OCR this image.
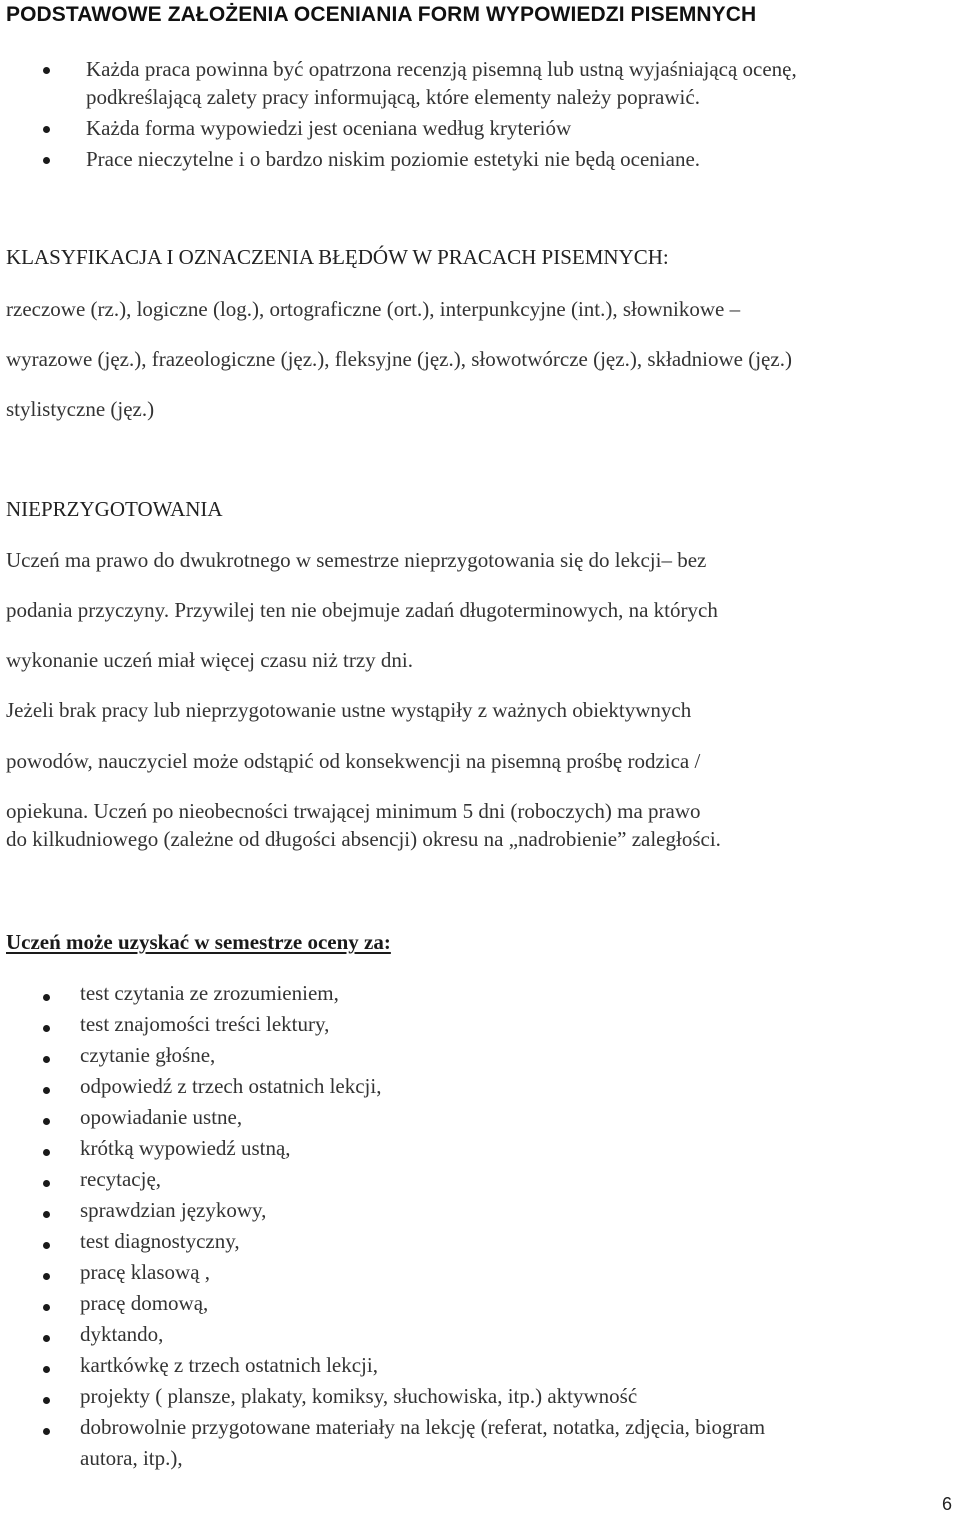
PODSTAWOWE ZAŁOŻENIA OCENIANIA FORM WYPOWIEDZI PISEMNYCH
Każda praca powinna być opatrzona recenzją pisemną lub ustną wyjaśniającą ocenę,
podkreślającą zalety pracy informującą, które elementy należy poprawić.
Każda forma wypowiedzi jest oceniana według kryteriów
Prace nieczytelne i o bardzo niskim poziomie estetyki nie będą oceniane.
KLASYFIKACJA I OZNACZENIA BŁĘDÓW W PRACACH PISEMNYCH:
rzeczowe (rz.), logiczne (log.), ortograficzne (ort.), interpunkcyjne (int.), słownikowe –
wyrazowe (jęz.), frazeologiczne (jęz.), fleksyjne (jęz.), słowotwórcze (jęz.), składniowe (jęz.)
stylistyczne (jęz.)
NIEPRZYGOTOWANIA
Uczeń ma prawo do dwukrotnego w semestrze nieprzygotowania się do lekcji– bez
podania przyczyny. Przywilej ten nie obejmuje zadań długoterminowych, na których
wykonanie uczeń miał więcej czasu niż trzy dni.
Jeżeli brak pracy lub nieprzygotowanie ustne wystąpiły z ważnych obiektywnych
powodów, nauczyciel może odstąpić od konsekwencji na pisemną prośbę rodzica /
opiekuna. Uczeń po nieobecności trwającej minimum 5 dni (roboczych) ma prawo
do kilkudniowego (zależne od długości absencji) okresu na „nadrobienie” zaległości.
Uczeń może uzyskać w semestrze oceny za:
test czytania ze zrozumieniem,
test znajomości treści lektury,
czytanie głośne,
odpowiedź z trzech ostatnich lekcji,
opowiadanie ustne,
krótką wypowiedź ustną,
recytację,
sprawdzian językowy,
test diagnostyczny,
pracę klasową ,
pracę domową,
dyktando,
kartkówkę z trzech ostatnich lekcji,
projekty ( plansze, plakaty, komiksy, słuchowiska, itp.) aktywność
dobrowolnie przygotowane materiały na lekcję (referat, notatka, zdjęcia, biogram
autora, itp.),
6
